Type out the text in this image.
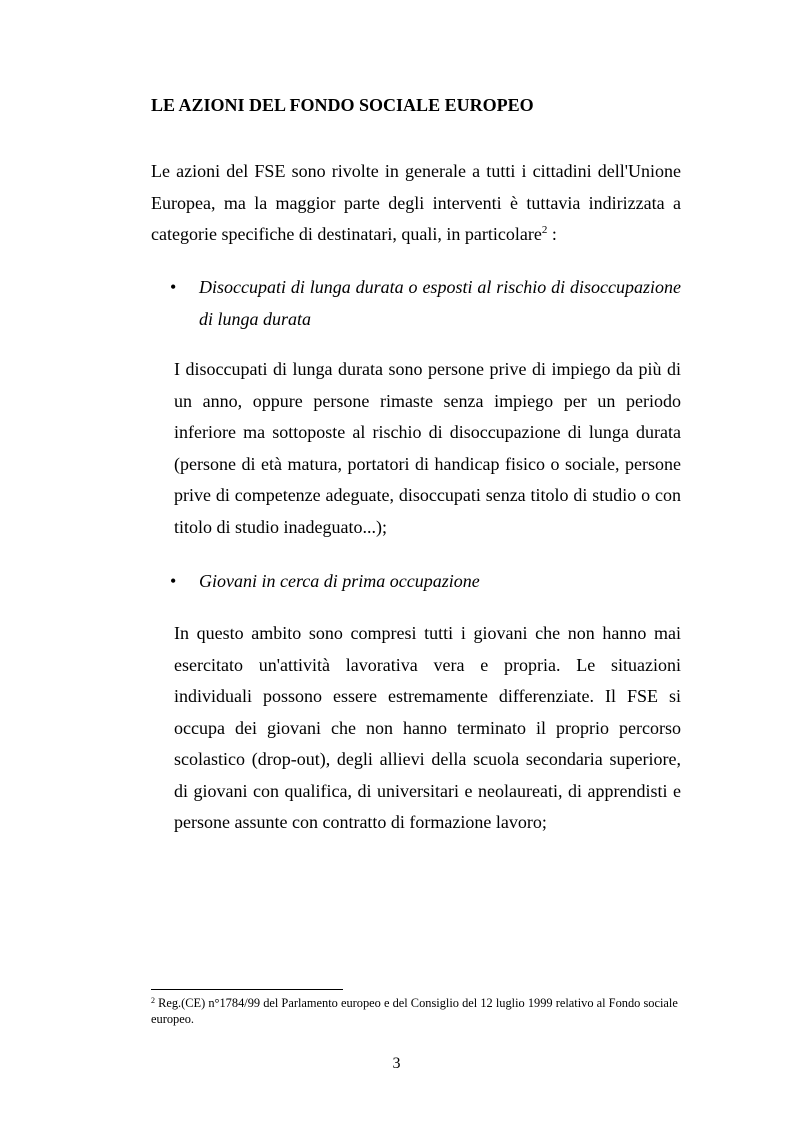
LE AZIONI DEL FONDO SOCIALE EUROPEO
Le azioni del FSE sono rivolte in generale a tutti i cittadini dell'Unione Europea, ma la maggior parte degli interventi è tuttavia indirizzata a categorie specifiche di destinatari, quali, in particolare$^2$ :
•	Disoccupati di lunga durata o esposti al rischio di disoccupazione di lunga durata
I disoccupati di lunga durata sono persone prive di impiego da più di un anno, oppure persone rimaste senza impiego per un periodo inferiore ma sottoposte al rischio di disoccupazione di lunga durata (persone di età matura, portatori di handicap fisico o sociale, persone prive di competenze adeguate, disoccupati senza titolo di studio o con titolo di studio inadeguato...);
•	Giovani in cerca di prima occupazione
In questo ambito sono compresi tutti i giovani che non hanno mai esercitato un'attività lavorativa vera e propria. Le situazioni individuali possono essere estremamente differenziate. Il FSE si occupa dei giovani che non hanno terminato il proprio percorso scolastico (drop-out), degli allievi della scuola secondaria superiore, di giovani con qualifica, di universitari e neolaureati, di apprendisti e persone assunte con contratto di formazione lavoro;
$^2$ Reg.(CE) n°1784/99 del Parlamento europeo e del Consiglio del 12 luglio 1999 relativo al Fondo sociale europeo.
3
